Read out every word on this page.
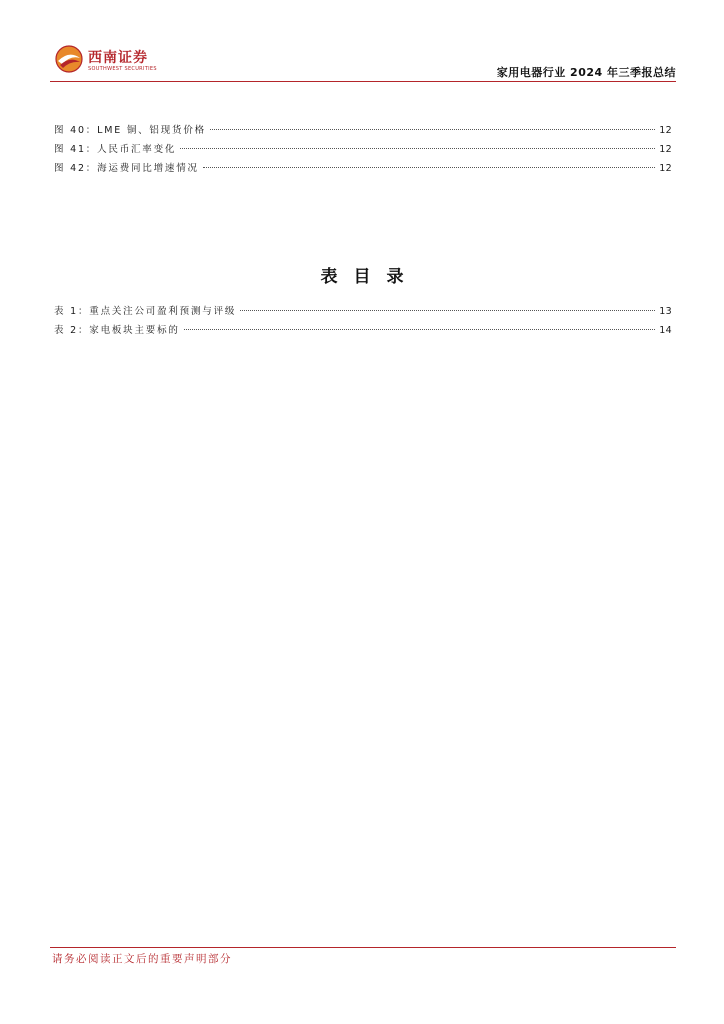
西南证券
SOUTHWEST SECURITIES	家用电器行业 2024 年三季报总结
图 40：LME 铜、铝现货价格	12
图 41：人民币汇率变化	12
图 42：海运费同比增速情况	12
表目录
表 1：重点关注公司盈利预测与评级	13
表 2：家电板块主要标的	14
请务必阅读正文后的重要声明部分
